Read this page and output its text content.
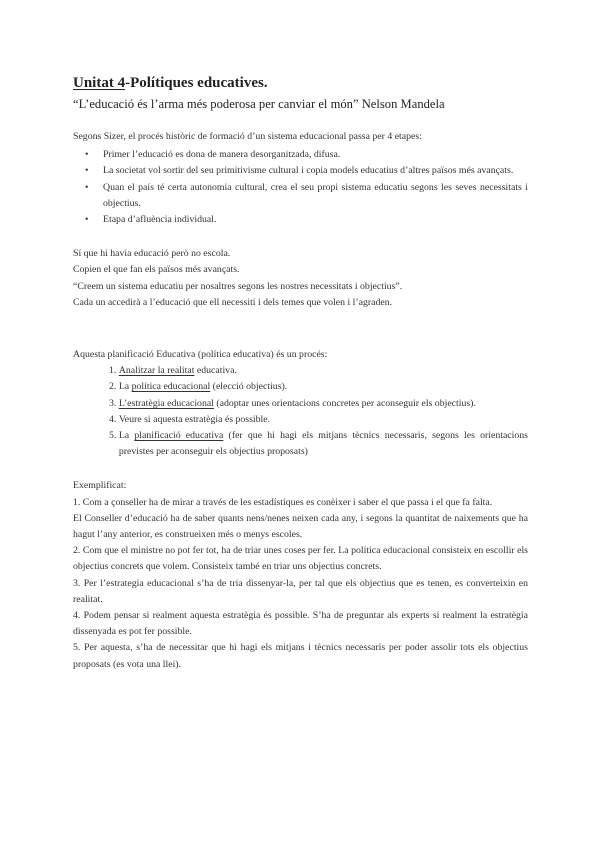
Unitat 4-Polítiques educatives.

“L’educació és l’arma més poderosa per canviar el món” Nelson Mandela

Segons Sizer, el procés històric de formació d’un sistema educacional passa per 4 etapes:

• Primer l’educació es dona de manera desorganitzada, difusa.
• La societat vol sortir del seu primitivisme cultural i copia models educatius d’altres països més avançats.
• Quan el país té certa autonomia cultural, crea el seu propi sistema educatiu segons les seves necessitats i objectius.
• Etapa d’afluència individual.
Sí que hi havia educació però no escola.
Copien el que fan els països més avançats.
“Creem un sistema educatiu per nosaltres segons les nostres necessitats i objectius”.
Cada un accedirà a l’educació que ell necessiti i dels temes que volen i l’agraden.
Aquesta planificació Educativa (política educativa) és un procés:
1.
Analitzar la realitat educativa.
2.
La política educacional (elecció objectius).
3.
L’estratègia educacional (adoptar unes orientacions concretes per aconseguir els objectius).
4.
Veure si aquesta estratègia és possible.
5.
La planificació educativa (fer que hi hagi els mitjans tècnics necessaris, segons les orientacions previstes per aconseguir els objectius proposats)
Exemplificat:

1. Com a çonseller ha de mirar a través de les estadístiques es conèixer i saber el que passa i el que fa falta.

El Conseller d’educació ha de saber quants nens/nenes neixen cada any, i segons la quantitat de naixements que ha hagut l’any anterior, es construeixen més o menys escoles.

2. Com que el ministre no pot fer tot, ha de triar unes coses per fer. La política educacional consisteix en escollir els objectius concrets que volem. Consisteix també en triar uns objectius concrets.

3. Per l’estrategia educacional s’ha de tria dissenyar-la, per tal que els objectius que es tenen, es converteixin en realitat.

4. Podem pensar si realment aquesta estratègia és possible. S’ha de preguntar als experts si realment la estratègia dissenyada es pot fer possible.

5. Per aquesta, s’ha de necessitar que hi hagi els mitjans i tècnics necessaris per poder assolir tots els objectius proposats (es vota una llei).
